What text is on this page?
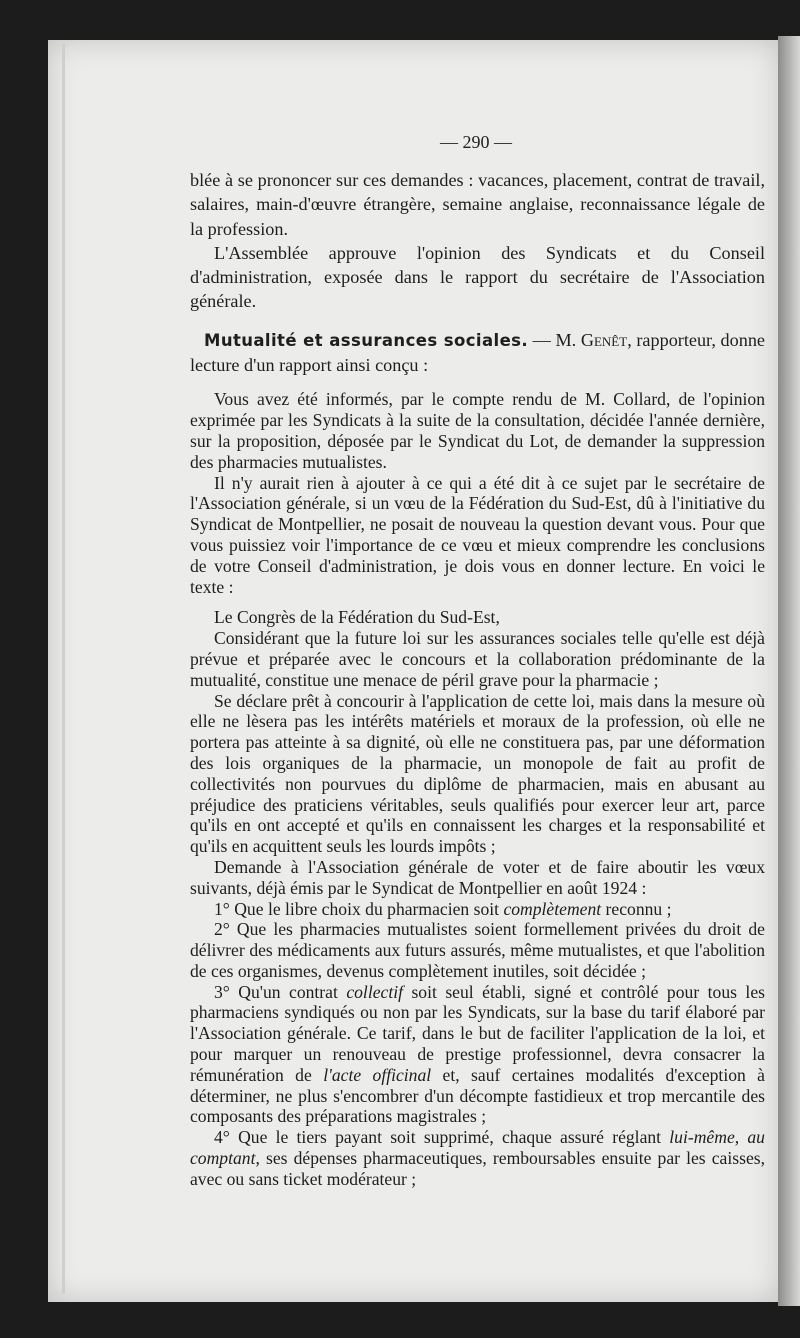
— 290 —

blée à se prononcer sur ces demandes : vacances, placement, contrat de travail, salaires, main-d'œuvre étrangère, semaine anglaise, reconnaissance légale de la profession.

L'Assemblée approuve l'opinion des Syndicats et du Conseil d'administration, exposée dans le rapport du secrétaire de l'Association générale.

Mutualité et assurances sociales. — M. Genêt, rapporteur, donne lecture d'un rapport ainsi conçu :

Vous avez été informés, par le compte rendu de M. Collard, de l'opinion exprimée par les Syndicats à la suite de la consultation, décidée l'année dernière, sur la proposition, déposée par le Syndicat du Lot, de demander la suppression des pharmacies mutualistes.

Il n'y aurait rien à ajouter à ce qui a été dit à ce sujet par le secrétaire de l'Association générale, si un vœu de la Fédération du Sud-Est, dû à l'initiative du Syndicat de Montpellier, ne posait de nouveau la question devant vous. Pour que vous puissiez voir l'importance de ce vœu et mieux comprendre les conclusions de votre Conseil d'administration, je dois vous en donner lecture. En voici le texte :

Le Congrès de la Fédération du Sud-Est,

Considérant que la future loi sur les assurances sociales telle qu'elle est déjà prévue et préparée avec le concours et la collaboration prédominante de la mutualité, constitue une menace de péril grave pour la pharmacie ;

Se déclare prêt à concourir à l'application de cette loi, mais dans la mesure où elle ne lèsera pas les intérêts matériels et moraux de la profession, où elle ne portera pas atteinte à sa dignité, où elle ne constituera pas, par une déformation des lois organiques de la pharmacie, un monopole de fait au profit de collectivités non pourvues du diplôme de pharmacien, mais en abusant au préjudice des praticiens véritables, seuls qualifiés pour exercer leur art, parce qu'ils en ont accepté et qu'ils en connaissent les charges et la responsabilité et qu'ils en acquittent seuls les lourds impôts ;

Demande à l'Association générale de voter et de faire aboutir les vœux suivants, déjà émis par le Syndicat de Montpellier en août 1924 :

1° Que le libre choix du pharmacien soit complètement reconnu ;

2° Que les pharmacies mutualistes soient formellement privées du droit de délivrer des médicaments aux futurs assurés, même mutualistes, et que l'abolition de ces organismes, devenus complètement inutiles, soit décidée ;

3° Qu'un contrat collectif soit seul établi, signé et contrôlé pour tous les pharmaciens syndiqués ou non par les Syndicats, sur la base du tarif élaboré par l'Association générale. Ce tarif, dans le but de faciliter l'application de la loi, et pour marquer un renouveau de prestige professionnel, devra consacrer la rémunération de l'acte officinal et, sauf certaines modalités d'exception à déterminer, ne plus s'encombrer d'un décompte fastidieux et trop mercantile des composants des préparations magistrales ;

4° Que le tiers payant soit supprimé, chaque assuré réglant lui-même, au comptant, ses dépenses pharmaceutiques, remboursables ensuite par les caisses, avec ou sans ticket modérateur ;
